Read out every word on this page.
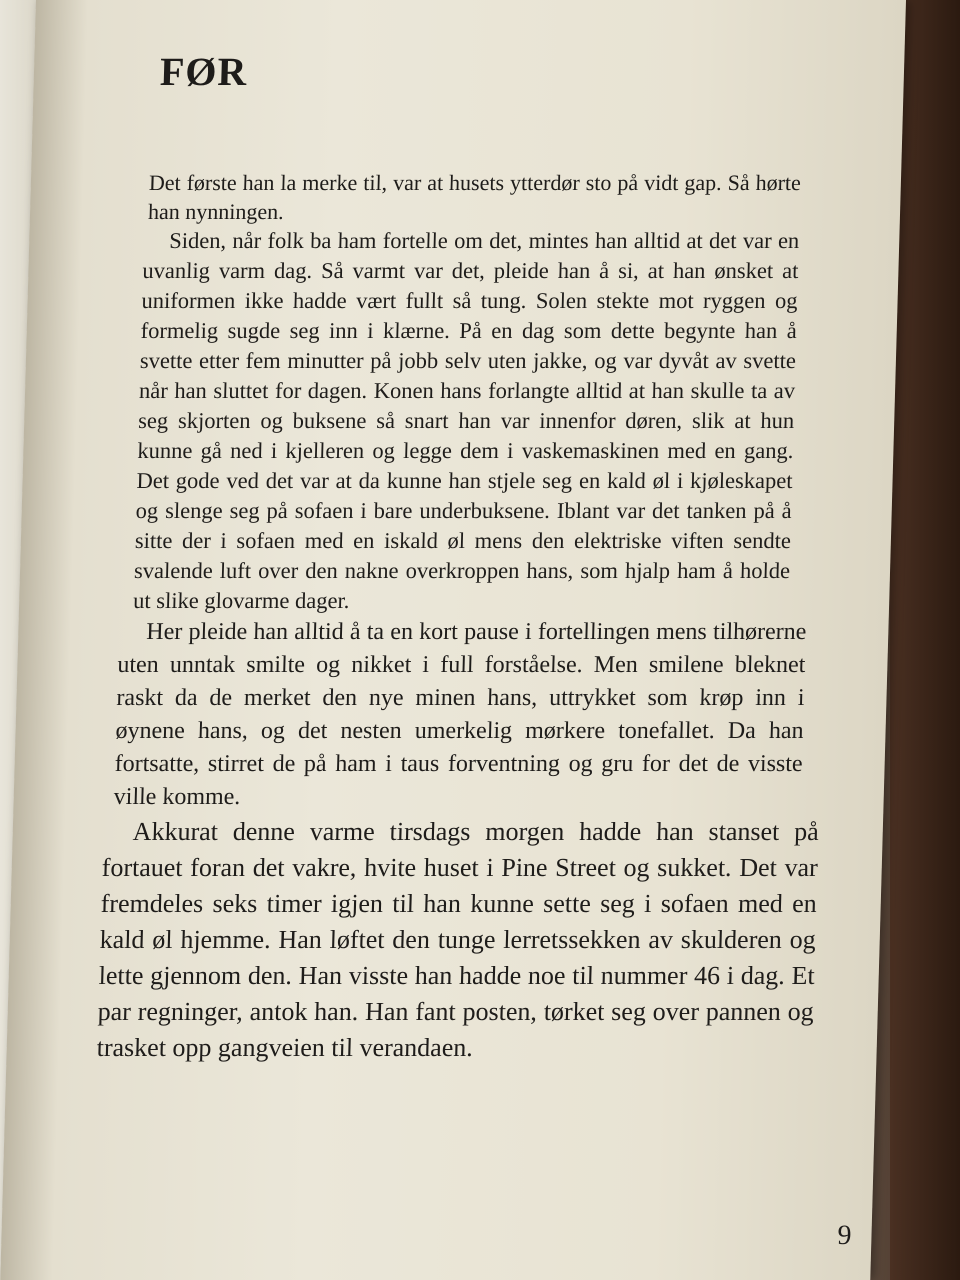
FØR

Det første han la merke til, var at husets ytterdør sto på vidt gap. Så hørte han nynningen.

Siden, når folk ba ham fortelle om det, mintes han alltid at det var en uvanlig varm dag. Så varmt var det, pleide han å si, at han ønsket at uniformen ikke hadde vært fullt så tung. Solen stekte mot ryggen og formelig sugde seg inn i klærne. På en dag som dette begynte han å svette etter fem minutter på jobb selv uten jakke, og var dyvåt av svette når han sluttet for dagen. Konen hans forlangte alltid at han skulle ta av seg skjorten og buksene så snart han var innenfor døren, slik at hun kunne gå ned i kjelleren og legge dem i vaskemaskinen med en gang. Det gode ved det var at da kunne han stjele seg en kald øl i kjøleskapet og slenge seg på sofaen i bare underbuksene. Iblant var det tanken på å sitte der i sofaen med en iskald øl mens den elektriske viften sendte svalende luft over den nakne overkroppen hans, som hjalp ham å holde ut slike glovarme dager.

Her pleide han alltid å ta en kort pause i fortellingen mens tilhørerne uten unntak smilte og nikket i full forståelse. Men smilene bleknet raskt da de merket den nye minen hans, uttrykket som krøp inn i øynene hans, og det nesten umerkelig mørkere tonefallet. Da han fortsatte, stirret de på ham i taus forventning og gru for det de visste ville komme.

Akkurat denne varme tirsdags morgen hadde han stanset på fortauet foran det vakre, hvite huset i Pine Street og sukket. Det var fremdeles seks timer igjen til han kunne sette seg i sofaen med en kald øl hjemme. Han løftet den tunge lerretssekken av skulderen og lette gjennom den. Han visste han hadde noe til nummer 46 i dag. Et par regninger, antok han. Han fant posten, tørket seg over pannen og trasket opp gangveien til verandaen.

9
